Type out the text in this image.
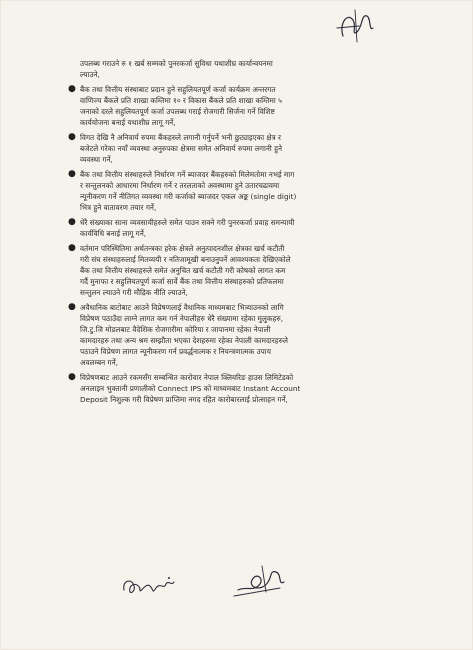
उपलब्ध गराउने रु १ खर्ब सम्मको पुनरकर्जा सुविधा यथाशीघ्र कार्यान्वयनमा

ल्याउने,

● बैंक तथा वित्तीय संस्थाबाट प्रदान हुने सहुलियतपूर्ण कर्जा कार्यक्रम अन्तरगत

वाणिज्य बैंकले प्रति शाखा कम्तिमा १० र विकास बैंकले प्रति शाखा कम्तिमा ५

जनाको दरले सहुलियतपूर्ण कर्जा उपलब्ध गराई रोजगारी सिर्जना गर्ने विशिष्ट

कार्ययोजना बनाई यथाशीघ्र लागू गर्ने,

● विगत देखि नै अनिवार्य रुपमा बैंकहरुले लगानी गर्नुपर्ने भनी छुट्याइएका क्षेत्र र

बजेटले गरेका नयाँ व्यवस्था अनुरुपका क्षेत्रमा समेत अनिवार्य रुपमा लगानी हुने

व्यवस्था गर्ने,

● बैंक तथा वित्तीय संस्थाहरुले निर्धारण गर्ने ब्याजदर बैंकहरुको मिलेमतोमा नभई माग

र सन्तुलनको आधारमा निर्धारण गर्ने र तरलताको अवस्थामा हुने उतारचढावमा

न्यूनीकरण गर्ने नीतिगत व्यवस्था गरी कर्जाको ब्याजदर एकल अङ्क (single digit)

भित्र हुने वातावरण तयार गर्ने,

● धेरै संख्याका साना व्यवसायीहरुले समेत पाउन सक्ने गरी पुनरकर्जा प्रवाह समन्यायी

कार्यविधि बनाई लागू गर्ने,

● वर्तमान परिस्थितिमा अर्थतन्त्रका हरेक क्षेत्रले अनुत्पादनशील क्षेत्रका खर्च कटौती

गरी संघ संस्थाहरुलाई मितव्ययी र नतिजामूखी बनाउनुपर्ने आवश्यकता देखिएकोले

बैंक तथा वित्तीय संस्थाहरुले समेत अनुचित खर्च कटौती गरी कोषको लागत कम

गर्दै मुनाफा र सहुलियतपूर्ण कर्जा सार्वे बैंक तथा वित्तीय संस्थाहरुको प्रतिफलमा

सन्तुलन ल्याउने गरी मौद्रिक नीति ल्याउने,

● अवैधानिक बाटोबाट आउने विप्रेषणलाई वैधानिक माध्यमबाट भित्र्याउनको लागि

विप्रेषण पठाउँदा लाग्ने लागत कम गर्न नेपालीहरु धेरै संख्यामा रहेका मुलुकहरु,

जि.टु.जि मोडलबाट वैदेशिक रोजगारीमा कोरिया र जापानमा रहेका नेपाली

कामदारहरु तथा अन्य श्रम सम्झौता भएका देशहरुमा रहेका नेपाली कामदारहरुले

पठाउने विप्रेषण लागत न्यूनीकरण गर्न प्रवर्द्धनात्मक र नियन्त्रणात्मक उपाय

अवलम्बन गर्ने,

● विप्रेषणबाट आउने रकमसँग सम्बन्धित कारोवार नेपाल क्लियरिङ हाउस लिमिटेडको

अनलाइन भुक्तानी प्रणालीको Connect IPS को माध्यमबाट Instant Account

Deposit निशुल्क गरी विप्रेषण प्राप्तिमा नगद रहित कारोबारलाई प्रोत्साहन गर्ने,
